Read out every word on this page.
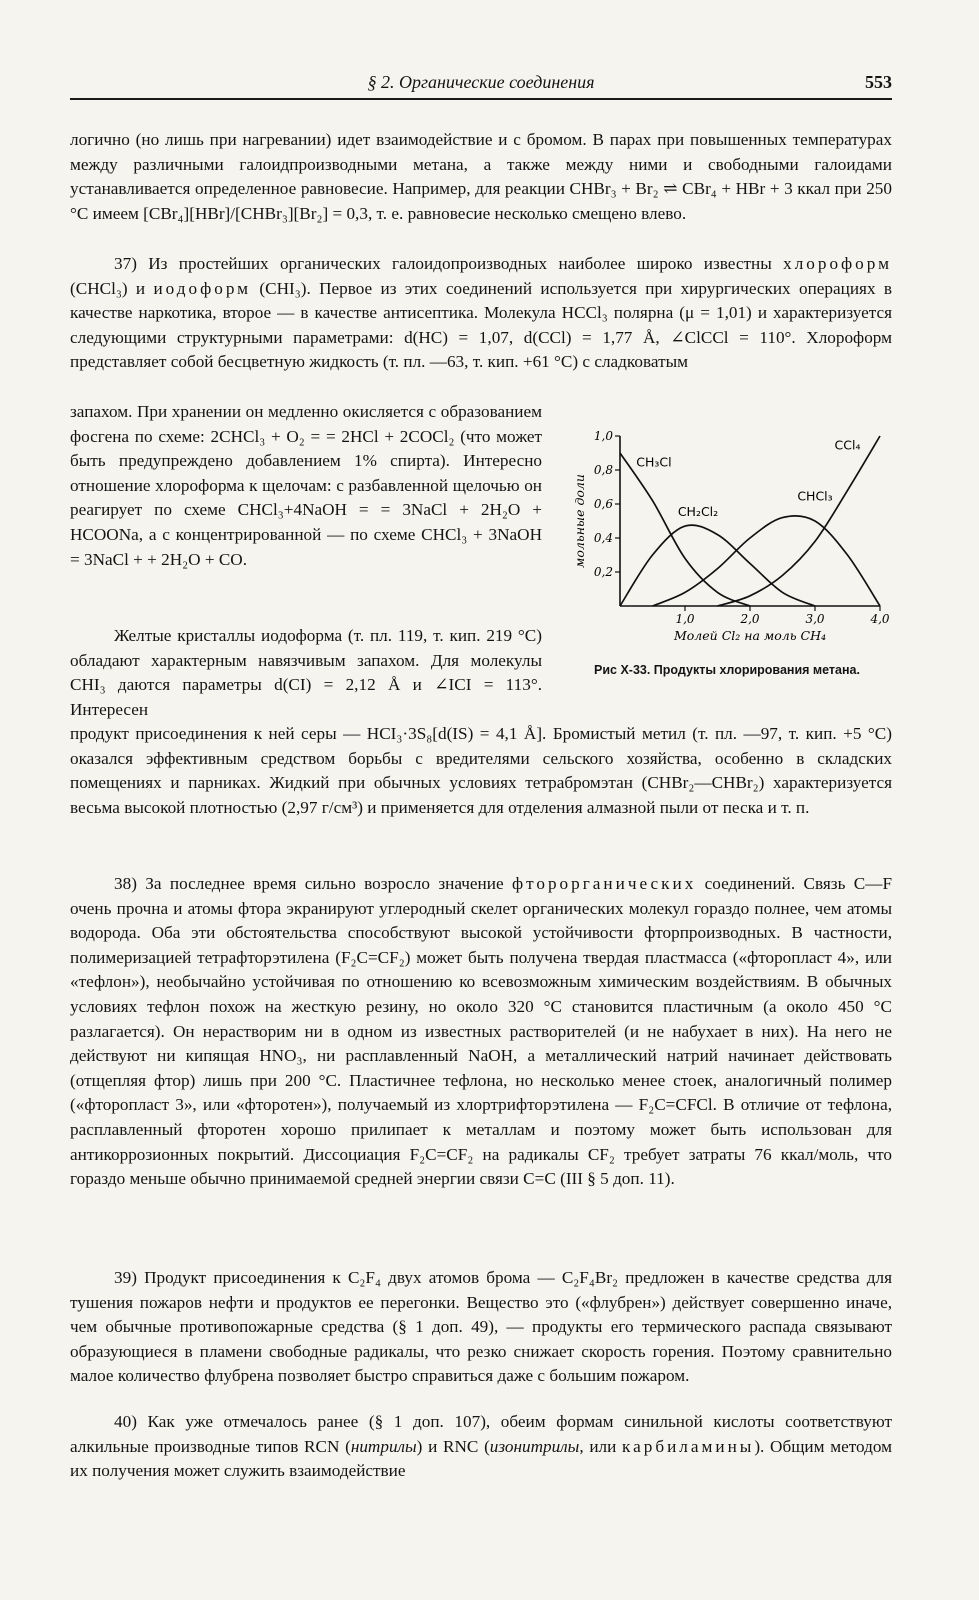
§ 2. Органические соединения	553

логично (но лишь при нагревании) идет взаимодействие и с бромом. В парах при повышенных температурах между различными галоидпроизводными метана, а также между ними и свободными галоидами устанавливается определенное равновесие. Например, для реакции СНBr₃ + Br₂ ⇌ CBr₄ + HBr + 3 ккал при 250 °С имеем [CBr₄][HBr]/[CHBr₃][Br₂] = 0,3, т. е. равновесие несколько смещено влево.

37) Из простейших органических галоидопроизводных наиболее широко известны хлороформ (CHCl₃) и иодоформ (CHI₃). Первое из этих соединений используется при хирургических операциях в качестве наркотика, второе — в качестве антисептика. Молекула HCCl₃ полярна (μ = 1,01) и характеризуется следующими структурными параметрами: d(HC) = 1,07, d(CCl) = 1,77 Å, ∠ClCCl = 110°. Хлороформ представляет собой бесцветную жидкость (т. пл. —63, т. кип. +61 °С) с сладковатым

запахом. При хранении он медленно окисляется с образованием фосгена по схеме: 2CHCl₃ + O₂ = = 2HCl + 2COCl₂ (что может быть предупреждено добавлением 1% спирта). Интересно отношение хлороформа к щелочам: с разбавленной щелочью он реагирует по схеме CHCl₃+4NaOH = = 3NaCl + 2H₂O + HCOONa, а с концентрированной — по схеме CHCl₃ + 3NaOH = 3NaCl + + 2H₂O + CO.

Желтые кристаллы иодоформа (т. пл. 119, т. кип. 219 °С) обладают характерным навязчивым запахом. Для молекулы CHI₃ даются параметры d(CI) = 2,12 Å и ∠ICI = 113°. Интересен

продукт присоединения к ней серы — HCI₃·3S₈[d(IS) = 4,1 Å]. Бромистый метил (т. пл. —97, т. кип. +5 °С) оказался эффективным средством борьбы с вредителями сельского хозяйства, особенно в складских помещениях и парниках. Жидкий при обычных условиях тетрабромэтан (CHBr₂—CHBr₂) характеризуется весьма высокой плотностью (2,97 г/см³) и применяется для отделения алмазной пыли от песка и т. п.

38) За последнее время сильно возросло значение фторорганических соединений. Связь C—F очень прочна и атомы фтора экранируют углеродный скелет органических молекул гораздо полнее, чем атомы водорода. Оба эти обстоятельства способствуют высокой устойчивости фторпроизводных. В частности, полимеризацией тетрафторэтилена (F₂C=CF₂) может быть получена твердая пластмасса («фторопласт 4», или «тефлон»), необычайно устойчивая по отношению ко всевозможным химическим воздействиям. В обычных условиях тефлон похож на жесткую резину, но около 320 °С становится пластичным (а около 450 °С разлагается). Он нерастворим ни в одном из известных растворителей (и не набухает в них). На него не действуют ни кипящая HNO₃, ни расплавленный NaOH, а металлический натрий начинает действовать (отщепляя фтор) лишь при 200 °С. Пластичнее тефлона, но несколько менее стоек, аналогичный полимер («фторопласт 3», или «фторотен»), получаемый из хлортрифторэтилена — F₂C=CFCl. В отличие от тефлона, расплавленный фторотен хорошо прилипает к металлам и поэтому может быть использован для антикоррозионных покрытий. Диссоциация F₂C=CF₂ на радикалы CF₂ требует затраты 76 ккал/моль, что гораздо меньше обычно принимаемой средней энергии связи C=C (III § 5 доп. 11).

39) Продукт присоединения к C₂F₄ двух атомов брома — C₂F₄Br₂ предложен в качестве средства для тушения пожаров нефти и продуктов ее перегонки. Вещество это («флубрен») действует совершенно иначе, чем обычные противопожарные средства (§ 1 доп. 49), — продукты его термического распада связывают образующиеся в пламени свободные радикалы, что резко снижает скорость горения. Поэтому сравнительно малое количество флубрена позволяет быстро справиться даже с большим пожаром.

40) Как уже отмечалось ранее (§ 1 доп. 107), обеим формам синильной кислоты соответствуют алкильные производные типов RCN (нитрилы) и RNC (изонитрилы, или карбиламины). Общим методом их получения может служить взаимодействие

0,2
0,4
0,6
0,8
1,0
1,0	2,0	3,0	4,0
Молей Cl₂ на моль CH₄
мольные доли
CH₃Cl
CH₂Cl₂
CHCl₃
CCl₄
Рис X-33. Продукты хлорирования метана.
